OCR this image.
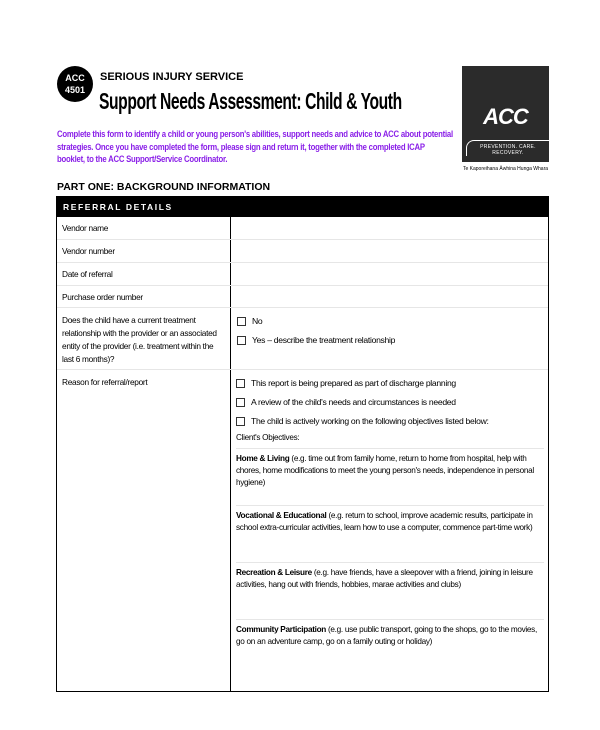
ACC
4501
SERIOUS INJURY SERVICE
Support Needs Assessment: Child & Youth
ACC
PREVENTION. CARE. RECOVERY.
Te Kaporeihana Āwhina Hunga Whara
Complete this form to identify a child or young person's abilities, support needs and advice to ACC about potential strategies. Once you have completed the form, please sign and return it, together with the completed ICAP booklet, to the ACC Support/Service Coordinator.
PART ONE: BACKGROUND INFORMATION
REFERRAL DETAILS
Vendor name
Vendor number
Date of referral
Purchase order number
Does the child have a current treatment relationship with the provider or an associated entity of the provider (i.e. treatment within the last 6 months)?
No
Yes – describe the treatment relationship
Reason for referral/report	This report is being prepared as part of discharge planning
A review of the child's needs and circumstances is needed
The child is actively working on the following objectives listed below:
Client's Objectives:
Home & Living (e.g. time out from family home, return to home from hospital, help with chores, home modifications to meet the young person's needs, independence in personal hygiene)
Vocational & Educational (e.g. return to school, improve academic results, participate in school extra-curricular activities, learn how to use a computer, commence part-time work)
Recreation & Leisure (e.g. have friends, have a sleepover with a friend, joining in leisure activities, hang out with friends, hobbies, marae activities and clubs)
Community Participation (e.g. use public transport, going to the shops, go to the movies, go on an adventure camp, go on a family outing or holiday)
